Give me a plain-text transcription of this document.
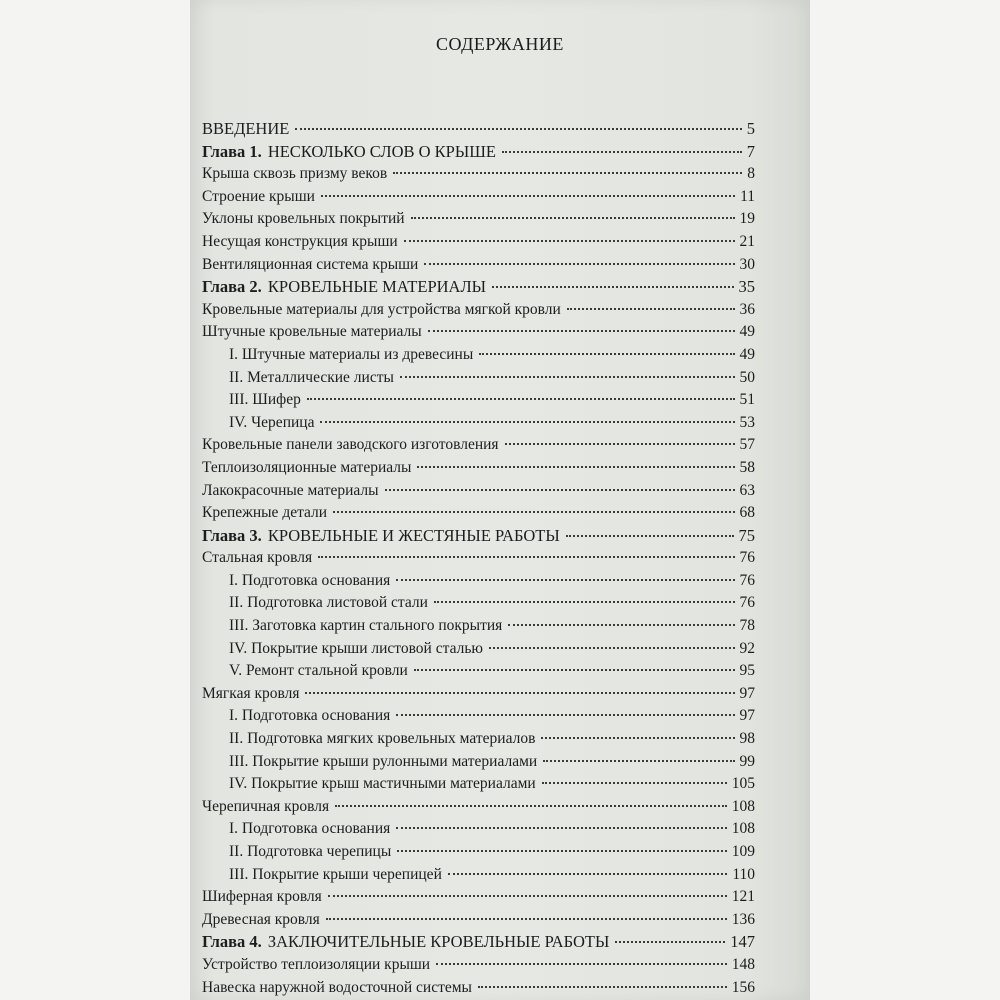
СОДЕРЖАНИЕ
ВВЕДЕНИЕ	5
Глава 1. НЕСКОЛЬКО СЛОВ О КРЫШЕ	7
Крыша сквозь призму веков	8
Строение крыши	11
Уклоны кровельных покрытий	19
Несущая конструкция крыши	21
Вентиляционная система крыши	30
Глава 2. КРОВЕЛЬНЫЕ МАТЕРИАЛЫ	35
Кровельные материалы для устройства мягкой кровли	36
Штучные кровельные материалы	49
I. Штучные материалы из древесины	49
II. Металлические листы	50
III. Шифер	51
IV. Черепица	53
Кровельные панели заводского изготовления	57
Теплоизоляционные материалы	58
Лакокрасочные материалы	63
Крепежные детали	68
Глава 3. КРОВЕЛЬНЫЕ И ЖЕСТЯНЫЕ РАБОТЫ	75
Стальная кровля	76
I. Подготовка основания	76
II. Подготовка листовой стали	76
III. Заготовка картин стального покрытия	78
IV. Покрытие крыши листовой сталью	92
V. Ремонт стальной кровли	95
Мягкая кровля	97
I. Подготовка основания	97
II. Подготовка мягких кровельных материалов	98
III. Покрытие крыши рулонными материалами	99
IV. Покрытие крыш мастичными материалами	105
Черепичная кровля	108
I. Подготовка основания	108
II. Подготовка черепицы	109
III. Покрытие крыши черепицей	110
Шиферная кровля	121
Древесная кровля	136
Глава 4. ЗАКЛЮЧИТЕЛЬНЫЕ КРОВЕЛЬНЫЕ РАБОТЫ	147
Устройство теплоизоляции крыши	148
Навеска наружной водосточной системы	156
